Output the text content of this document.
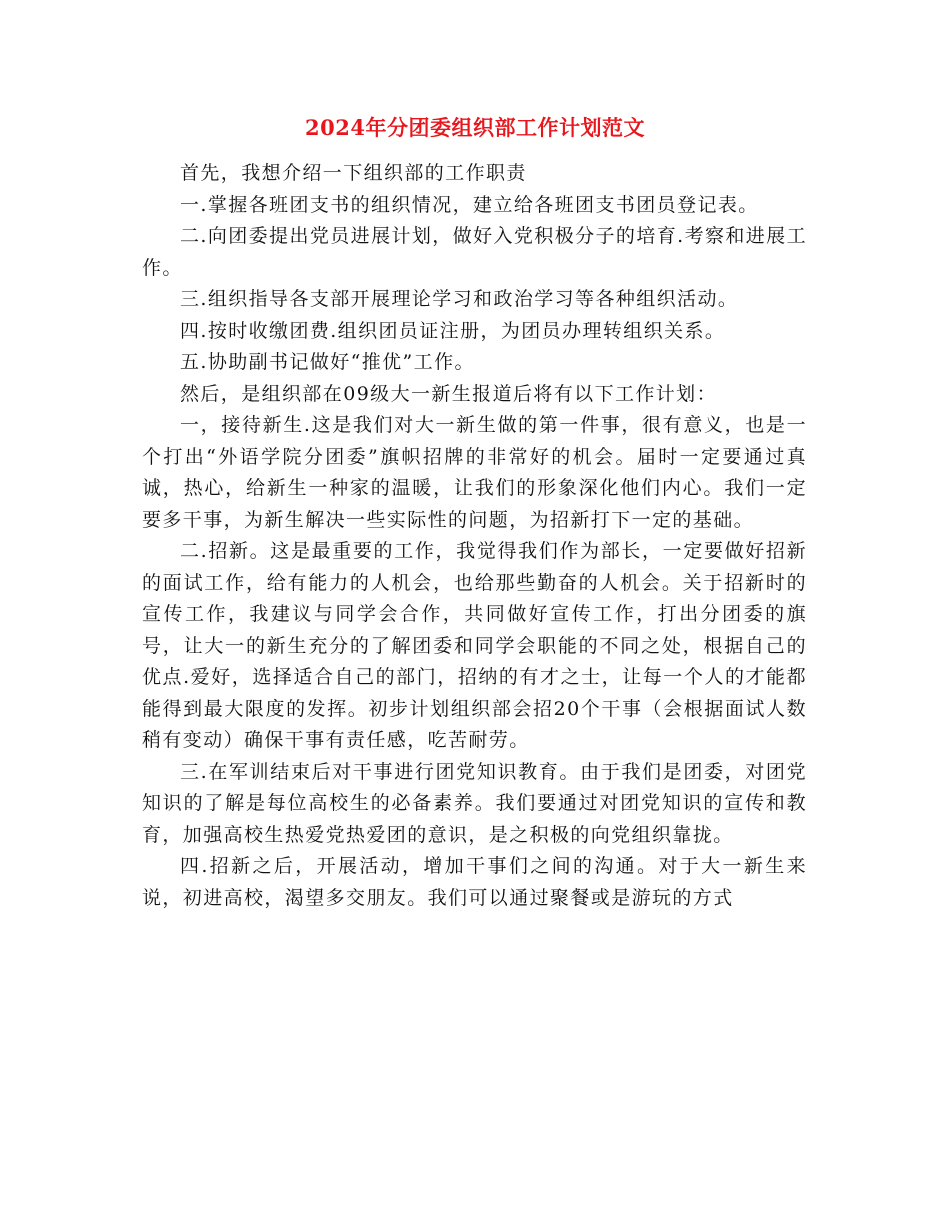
2024年分团委组织部工作计划范文

首先，我想介绍一下组织部的工作职责

一.掌握各班团支书的组织情况，建立给各班团支书团员登记表。

二.向团委提出党员进展计划，做好入党积极分子的培育.考察和进展工作。

三.组织指导各支部开展理论学习和政治学习等各种组织活动。

四.按时收缴团费.组织团员证注册，为团员办理转组织关系。

五.协助副书记做好“推优”工作。

然后，是组织部在09级大一新生报道后将有以下工作计划：

一，接待新生.这是我们对大一新生做的第一件事，很有意义，也是一个打出“外语学院分团委”旗帜招牌的非常好的机会。届时一定要通过真诚，热心，给新生一种家的温暖，让我们的形象深化他们内心。我们一定要多干事，为新生解决一些实际性的问题，为招新打下一定的基础。

二.招新。这是最重要的工作，我觉得我们作为部长，一定要做好招新的面试工作，给有能力的人机会，也给那些勤奋的人机会。关于招新时的宣传工作，我建议与同学会合作，共同做好宣传工作，打出分团委的旗号，让大一的新生充分的了解团委和同学会职能的不同之处，根据自己的优点.爱好，选择适合自己的部门，招纳的有才之士，让每一个人的才能都能得到最大限度的发挥。初步计划组织部会招20个干事（会根据面试人数稍有变动）确保干事有责任感，吃苦耐劳。

三.在军训结束后对干事进行团党知识教育。由于我们是团委，对团党知识的了解是每位高校生的必备素养。我们要通过对团党知识的宣传和教育，加强高校生热爱党热爱团的意识，是之积极的向党组织靠拢。

四.招新之后，开展活动，增加干事们之间的沟通。对于大一新生来说，初进高校，渴望多交朋友。我们可以通过聚餐或是游玩的方式
